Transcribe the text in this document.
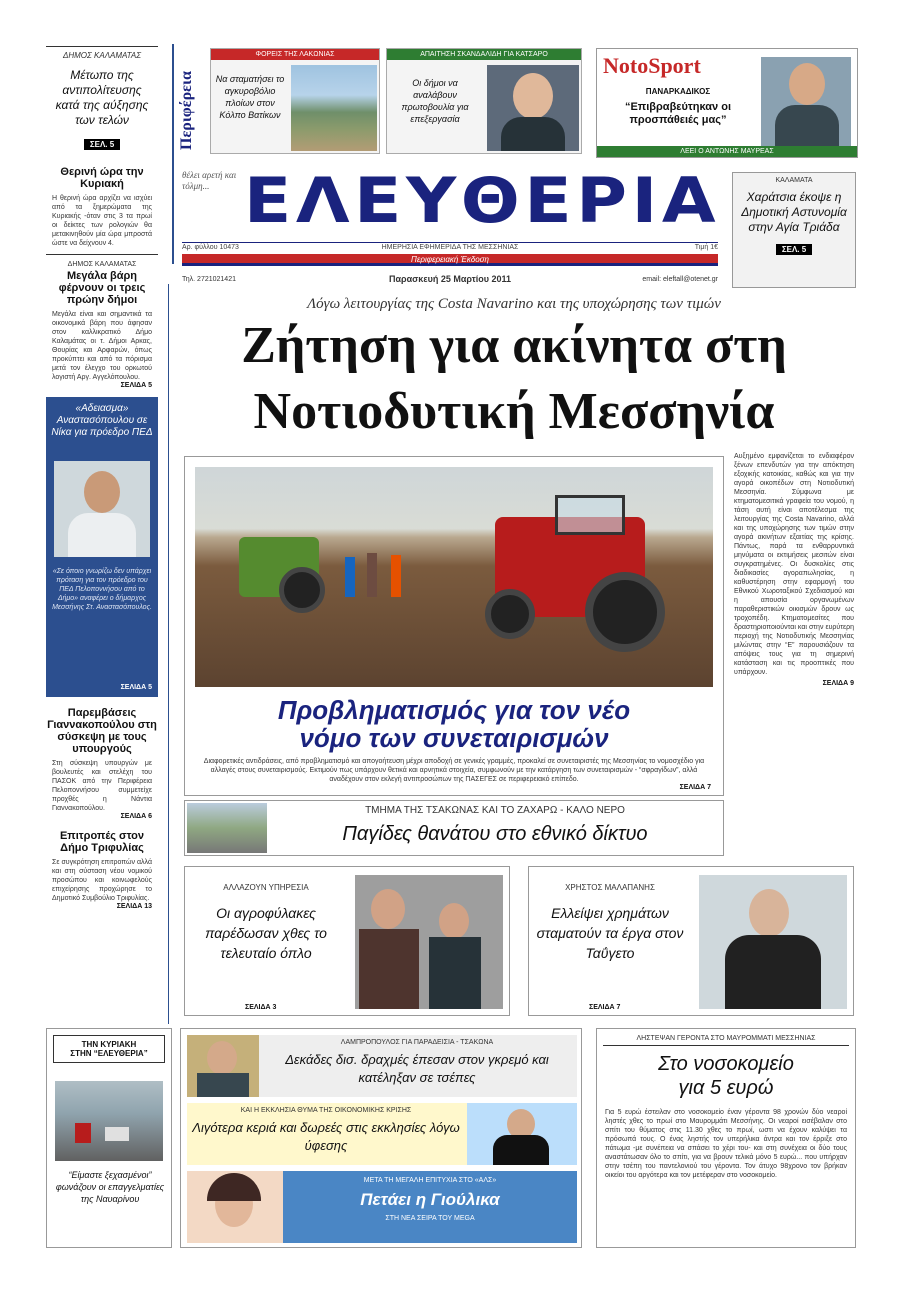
ΔΗΜΟΣ ΚΑΛΑΜΑΤΑΣ
Μέτωπο της αντιπολίτευσης κατά της αύξησης των τελών
ΣΕΛ. 5	Περιφέρεια
ΦΟΡΕΙΣ ΤΗΣ ΛΑΚΩΝΙΑΣ
Να σταματήσει το αγκυροβόλιο πλοίων στον Κόλπο Βατίκων
ΑΠΑΙΤΗΣΗ ΣΚΑΝΔΑΛΙΔΗ ΓΙΑ ΚΑΤΣΑΡΟ
Οι δήμοι να αναλάβουν πρωτοβουλία για επεξεργασία
NotoSport
ΠΑΝΑΡΚΑΔΙΚΟΣ
“Επιβραβεύτηκαν οι προσπάθειές μας”
ΛΕΕΙ Ο ΑΝΤΩΝΗΣ ΜΑΥΡΕΑΣ
θέλει αρετή και τόλμη... ΕΛΕΥΘΕΡΙΑ
Αρ. φύλλου 10473	ΗΜΕΡΗΣΙΑ ΕΦΗΜΕΡΙΔΑ ΤΗΣ ΜΕΣΣΗΝΙΑΣ	Τιμή 1€
Περιφερειακή Έκδοση
Τηλ. 2721021421	Παρασκευή 25 Μαρτίου 2011	email: eleftall@otenet.gr
ΚΑΛΑΜΑΤΑ
Χαράτσια έκοψε η Δημοτική Αστυνομία στην Αγία Τριάδα
ΣΕΛ. 5
Θερινή ώρα την Κυριακή
Η θερινή ώρα αρχίζει να ισχύει από τα ξημερώματα της Κυριακής -όταν στις 3 τα πρωί οι δείκτες των ρολογιών θα μετακινηθούν μία ώρα μπροστά ώστε να δείχνουν 4.
ΔΗΜΟΣ ΚΑΛΑΜΑΤΑΣ
Μεγάλα βάρη φέρνουν οι τρεις πρώην δήμοι
Μεγάλα είναι και σημαντικά τα οικονομικά βάρη που άφησαν στον καλλικρατικό Δήμο Καλαμάτας οι τ. Δήμοι Αρκας, Θουρίας και Αρφαρών, όπως προκύπτει και από τα πόρισμα μετά τον έλεγχο του ορκωτού λογιστή Αργ. Αγγελόπουλου.
ΣΕΛΙΔΑ 5
«Αδειασμα» Αναστασόπουλου σε Νίκα για πρόεδρο ΠΕΔ
«Σε όποιο γνωρίζω δεν υπάρχει πρόταση για τον πρόεδρο του ΠΕΔ Πελοποννήσου από το Δήμο» αναφέρει ο δήμαρχος Μεσσήνης Στ. Αναστασόπουλος.
ΣΕΛΙΔΑ 5
Παρεμβάσεις Γιαννακοπούλου στη σύσκεψη με τους υπουργούς
Στη σύσκεψη υπουργών με βουλευτές και στελέχη του ΠΑΣΟΚ από την Περιφέρεια Πελοποννήσου συμμετείχε προχθές η Νάντια Γιαννακοπούλου.
ΣΕΛΙΔΑ 6
Επιτροπές στον Δήμο Τριφυλίας
Σε συγκρότηση επιτροπών αλλά και στη σύσταση νέου νομικού προσώπου και κοινωφελούς επιχείρησης προχώρησε το Δημοτικό Συμβούλιο Τριφυλίας.
ΣΕΛΙΔΑ 13
Λόγω λειτουργίας της Costa Navarino και της υποχώρησης των τιμών
Ζήτηση για ακίνητα στη
Νοτιοδυτική Μεσσηνία
Αυξημένο εμφανίζεται το ενδιαφέρον ξένων επενδυτών για την απόκτηση εξοχικής κατοικίας, καθώς και για την αγορά οικοπέδων στη Νοτιοδυτική Μεσσηνία. Σύμφωνα με κτηματομεσιτικά γραφεία του νομού, η τάση αυτή είναι αποτέλεσμα της λειτουργίας της Costa Navarino, αλλά και της υποχώρησης των τιμών στην αγορά ακινήτων εξαιτίας της κρίσης. Πάντως, παρά τα ενθαρρυντικά μηνύματα οι εκτιμήσεις μεσιτών είναι συγκρατημένες. Οι δυσκολίες στις διαδικασίες αγοραπωλησίας, η καθυστέρηση στην εφαρμογή του Εθνικού Χωροταξικού Σχεδιασμού και η απουσία οργανωμένων παραθεριστικών οικισμών δρουν ως τροχοπέδη. Κτηματομεσίτες που δραστηριοποιούνται και στην ευρύτερη περιοχή της Νοτιοδυτικής Μεσσηνίας μιλώντας στην “Ε” παρουσιάζουν τα απόψεις τους για τη σημερινή κατάσταση και τις προοπτικές που υπάρχουν.
ΣΕΛΙΔΑ 9
Προβληματισμός για τον νέο
νόμο των συνεταιρισμών
Διαφορετικές αντιδράσεις, από προβληματισμό και απογοήτευση μέχρι αποδοχή σε γενικές γραμμές, προκαλεί σε συνεταιριστές της Μεσσηνίας το νομοσχέδιο για αλλαγές στους συνεταιρισμούς. Εκτιμούν πως υπάρχουν θετικά και αρνητικά στοιχεία, συμφωνούν με την κατάργηση των συνεταιρισμών - “σφραγίδων”, αλλά αναδέχουν στον εκλεγή αντιπροσώπων της ΠΑΣΕΓΕΣ σε περιφερειακό επίπεδο.
ΣΕΛΙΔΑ 7
ΤΜΗΜΑ ΤΗΣ ΤΣΑΚΩΝΑΣ ΚΑΙ ΤΟ ΖΑΧΑΡΩ - ΚΑΛΟ ΝΕΡΟ
Παγίδες θανάτου στο εθνικό δίκτυο
ΑΛΛΑΖΟΥΝ ΥΠΗΡΕΣΙΑ
Οι αγροφύλακες παρέδωσαν χθες το τελευταίο όπλο
ΣΕΛΙΔΑ 3
ΧΡΗΣΤΟΣ ΜΑΛΑΠΑΝΗΣ
Ελλείψει χρημάτων σταματούν τα έργα στον Ταΰγετο
ΣΕΛΙΔΑ 7
ΤΗΝ ΚΥΡΙΑΚΗ
ΣΤΗΝ “ΕΛΕΥΘΕΡΙΑ”
“Είμαστε ξεχασμένοι” φωνάζουν οι επαγγελματίες της Ναυαρίνου
ΛΑΜΠΡΟΠΟΥΛΟΣ ΓΙΑ ΠΑΡΑΔΕΙΣΙΑ - ΤΣΑΚΩΝΑ
Δεκάδες δισ. δραχμές έπεσαν στον γκρεμό και κατέληξαν σε τσέπες
ΚΑΙ Η ΕΚΚΛΗΣΙΑ ΘΥΜΑ ΤΗΣ ΟΙΚΟΝΟΜΙΚΗΣ ΚΡΙΣΗΣ
Λιγότερα κεριά και δωρεές στις εκκλησίες λόγω ύφεσης
ΜΕΤΑ ΤΗ ΜΕΓΑΛΗ ΕΠΙΤΥΧΙΑ ΣΤΟ «ΑΛΣ»
Πετάει η Γιούλικα
ΣΤΗ ΝΕΑ ΣΕΙΡΑ ΤΟΥ MEGA
ΛΗΣΤΕΨΑΝ ΓΕΡΟΝΤΑ ΣΤΟ ΜΑΥΡΟΜΜΑΤΙ ΜΕΣΣΗΝΙΑΣ
Στο νοσοκομείο
για 5 ευρώ
Για 5 ευρώ έστειλαν στο νοσοκομείο έναν γέροντα 98 χρονών δύο νεαροί ληστές χθες το πρωί στο Μαυρομμάτι Μεσσήνης. Οι νεαροί εισέβαλαν στο σπίτι του θύματος στις 11.30 χθες το πρωί, ωστι να έχουν καλύψει τα πρόσωπά τους. Ο ένας ληστής τον υπερήλικα άντρα και τον έρριξε στο πάτωμα -με συνέπεια να σπάσει το χέρι του- και στη συνέχεια οι δύο τους αναστάτωσαν όλο το σπίτι, για να βρουν τελικά μόνο 5 ευρώ... που υπήρχαν στην τσέπη του παντελονιού του γέροντα. Τον άτυχο 98χρονο τον βρήκαν οικείοι του αργότερα και τον μετέφεραν στο νοσοκομείο.
